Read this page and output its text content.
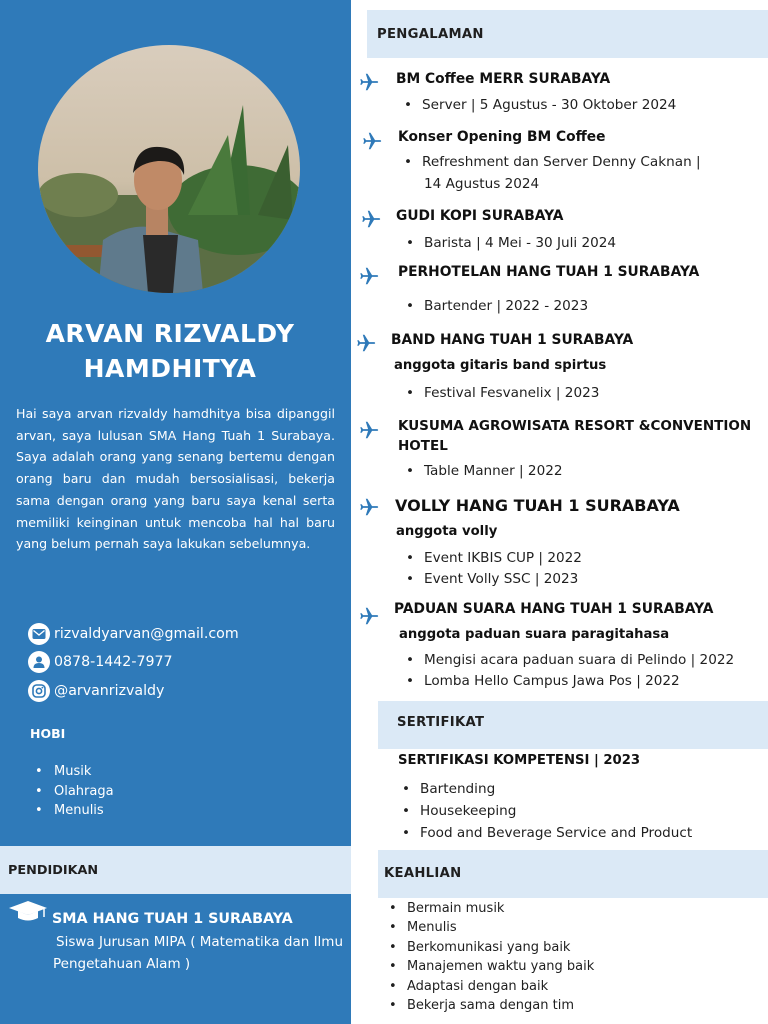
ARVAN RIZVALDY
HAMDHITYA
Hai saya arvan rizvaldy hamdhitya bisa dipanggil arvan, saya lulusan SMA Hang Tuah 1 Surabaya. Saya adalah orang yang senang bertemu dengan orang baru dan mudah bersosialisasi, bekerja sama dengan orang yang baru saya kenal serta memiliki keinginan untuk mencoba hal hal baru yang belum pernah saya lakukan sebelumnya.
rizvaldyarvan@gmail.com
0878-1442-7977
@arvanrizvaldy
HOBI
• Musik
• Olahraga
• Menulis
PENDIDIKAN
SMA HANG TUAH 1 SURABAYA
Siswa Jurusan MIPA ( Matematika dan Ilmu Pengetahuan Alam )
PENGALAMAN
BM Coffee MERR SURABAYA
• Server | 5 Agustus - 30 Oktober 2024
Konser Opening BM Coffee
• Refreshment dan Server Denny Caknan |
14 Agustus 2024
GUDI KOPI SURABAYA
• Barista | 4 Mei - 30 Juli 2024
PERHOTELAN HANG TUAH 1 SURABAYA
• Bartender | 2022 - 2023
BAND HANG TUAH 1 SURABAYA
anggota gitaris band spirtus
• Festival Fesvanelix | 2023
KUSUMA AGROWISATA RESORT &CONVENTION
HOTEL
• Table Manner | 2022
VOLLY HANG TUAH 1 SURABAYA
anggota volly
• Event IKBIS CUP | 2022
• Event Volly SSC | 2023
PADUAN SUARA HANG TUAH 1 SURABAYA
anggota paduan suara paragitahasa
• Mengisi acara paduan suara di Pelindo | 2022
• Lomba Hello Campus Jawa Pos | 2022
SERTIFIKAT
SERTIFIKASI KOMPETENSI | 2023
• Bartending
• Housekeeping
• Food and Beverage Service and Product
KEAHLIAN
• Bermain musik
• Menulis
• Berkomunikasi yang baik
• Manajemen waktu yang baik
• Adaptasi dengan baik
• Bekerja sama dengan tim
